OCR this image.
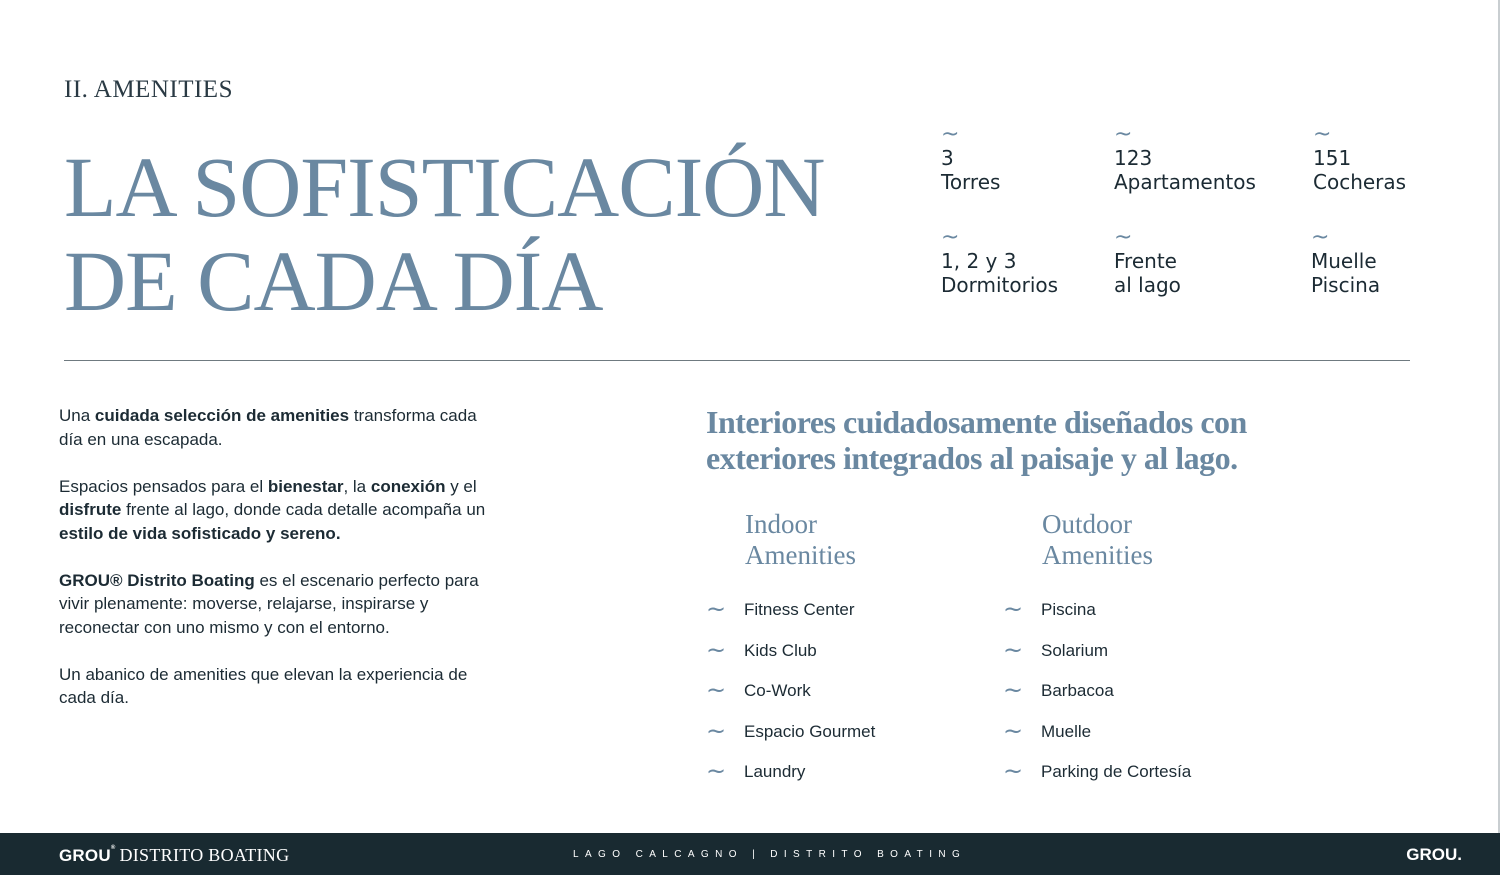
II. AMENITIES
LA SOFISTICACIÓN
DE CADA DÍA
~
3
Torres
~
123
Apartamentos
~
151
Cocheras
~
1, 2 y 3
Dormitorios
~
Frente
al lago
~
Muelle
Piscina

Una cuidada selección de amenities transforma cada día en una escapada.

Espacios pensados para el bienestar, la conexión y el disfrute frente al lago, donde cada detalle acompaña un estilo de vida sofisticado y sereno.

GROU® Distrito Boating es el escenario perfecto para vivir plenamente: moverse, relajarse, inspirarse y reconectar con uno mismo y con el entorno.

Un abanico de amenities que elevan la experiencia de cada día.

Interiores cuidadosamente diseñados con
exteriores integrados al paisaje y al lago.
Indoor
Amenities
~ Fitness Center
~ Kids Club
~ Co-Work
~ Espacio Gourmet
~ Laundry
Outdoor
Amenities
~ Piscina
~ Solarium
~ Barbacoa
~ Muelle
~ Parking de Cortesía
GROU® DISTRITO BOATING	LAGO CALCAGNO | DISTRITO BOATING	GROU.
